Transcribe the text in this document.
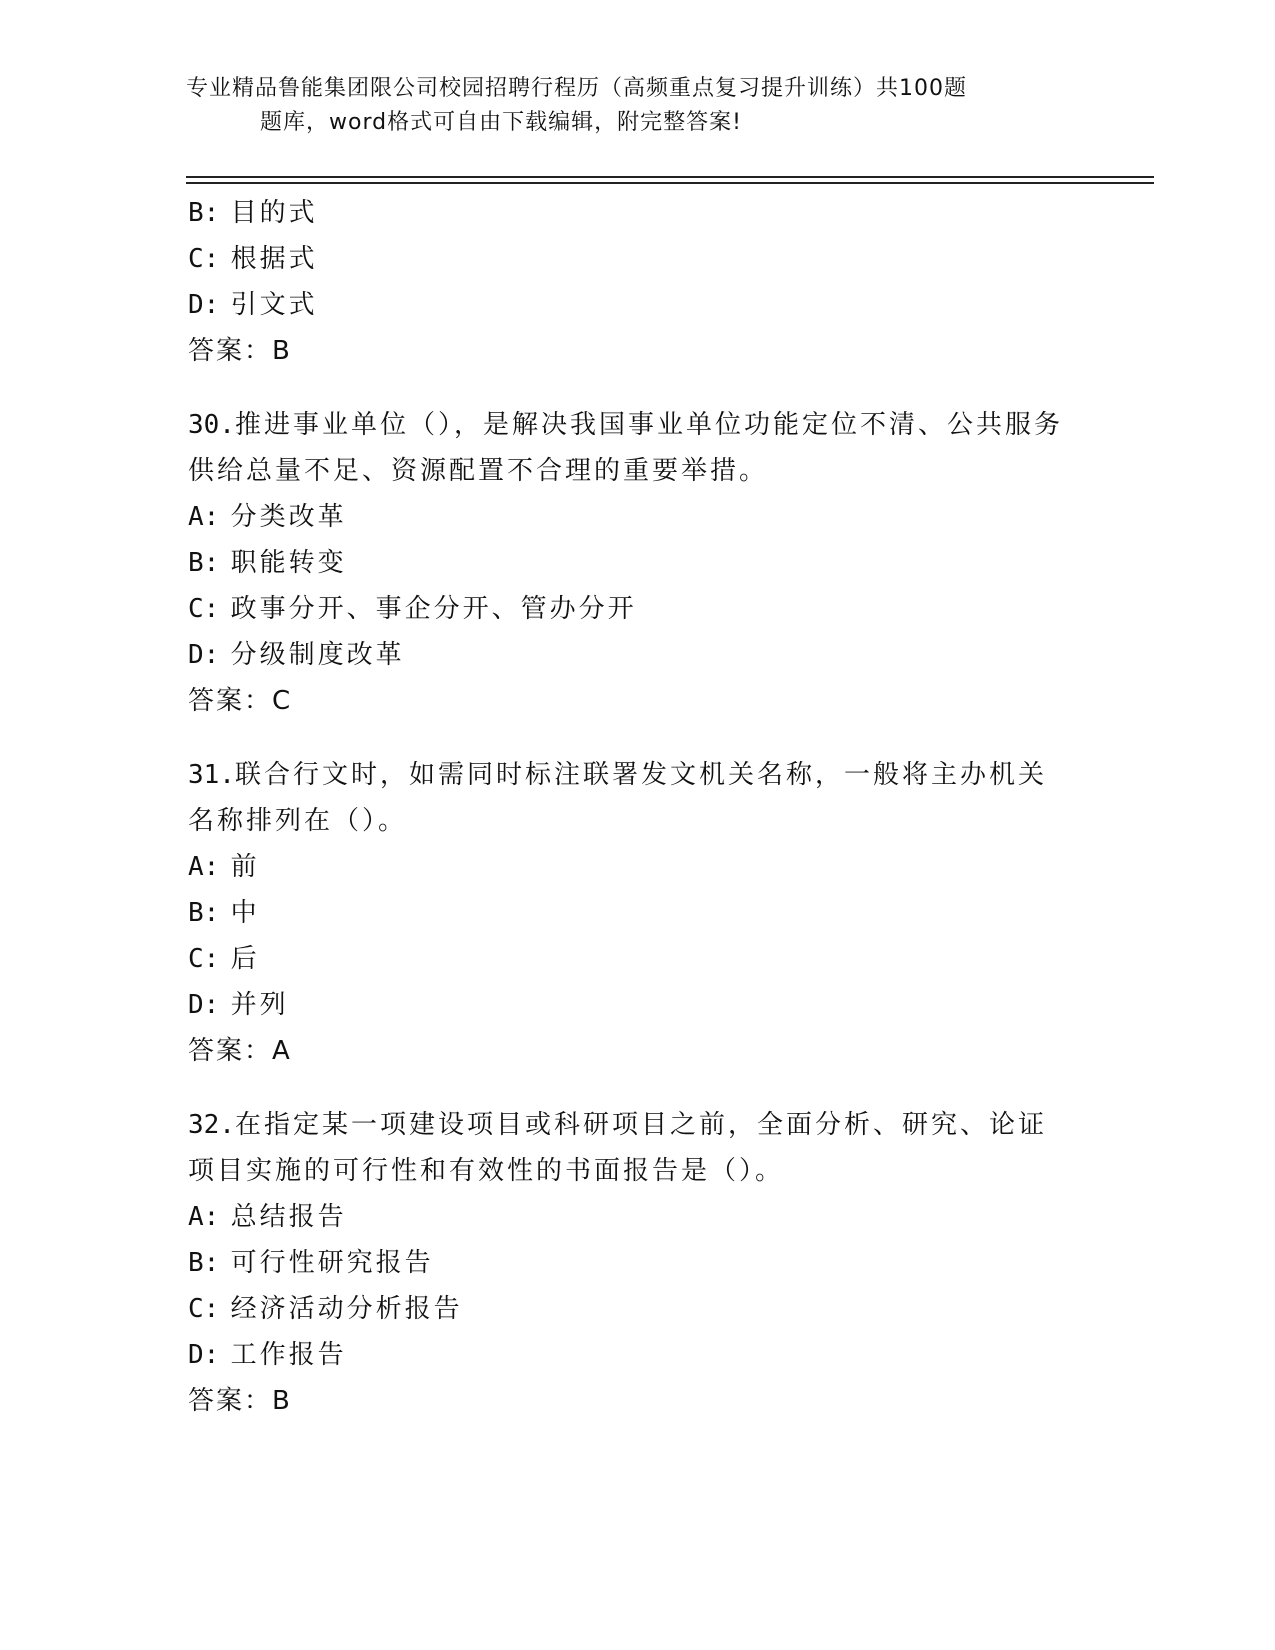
专业精品鲁能集团限公司校园招聘行程历（高频重点复习提升训练）共100题
题库，word格式可自由下载编辑，附完整答案!
B: 目的式
C: 根据式
D: 引文式
答案：B
30.推进事业单位（），是解决我国事业单位功能定位不清、公共服务供给总量不足、资源配置不合理的重要举措。
A: 分类改革
B: 职能转变
C: 政事分开、事企分开、管办分开
D: 分级制度改革
答案：C
31.联合行文时，如需同时标注联署发文机关名称，一般将主办机关名称排列在（）。
A: 前
B: 中
C: 后
D: 并列
答案：A
32.在指定某一项建设项目或科研项目之前，全面分析、研究、论证项目实施的可行性和有效性的书面报告是（）。
A: 总结报告
B: 可行性研究报告
C: 经济活动分析报告
D: 工作报告
答案：B
